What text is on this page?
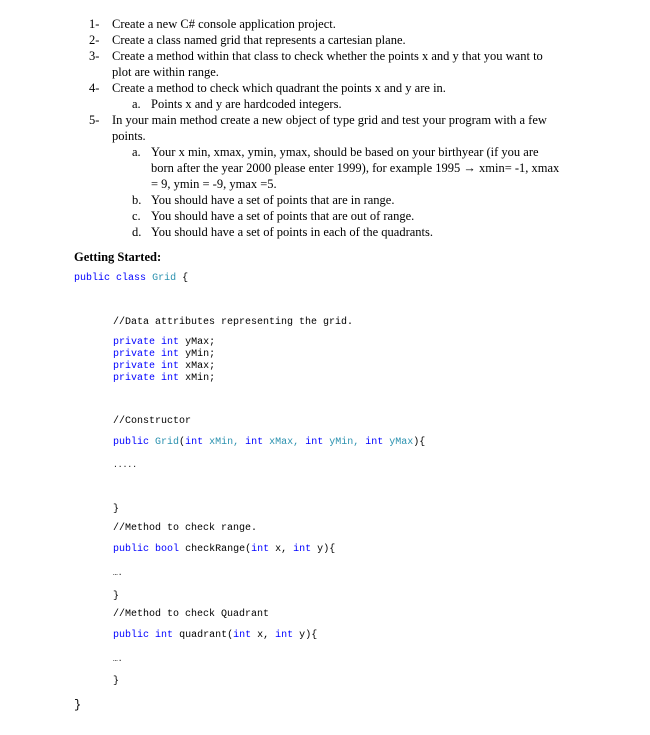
1- Create a new C# console application project.
2- Create a class named grid that represents a cartesian plane.
3- Create a method within that class to check whether the points x and y that you want to
plot are within range.
4- Create a method to check which quadrant the points x and y are in.
a. Points x and y are hardcoded integers.
5- In your main method create a new object of type grid and test your program with a few
points.
a. Your x min, xmax, ymin, ymax, should be based on your birthyear (if you are
born after the year 2000 please enter 1999), for example 1995 → xmin= -1, xmax
= 9, ymin = -9, ymax =5.
b. You should have a set of points that are in range.
c. You should have a set of points that are out of range.
d. You should have a set of points in each of the quadrants.
Getting Started:
public class Grid {
//Data attributes representing the grid.
private int yMax;
private int yMin;
private int xMax;
private int xMin;
//Constructor
public Grid(int xMin, int xMax, int yMin, int yMax){
.....
}
//Method to check range.
public bool checkRange(int x, int y){
….
}
//Method to check Quadrant
public int quadrant(int x, int y){
….
}
}
